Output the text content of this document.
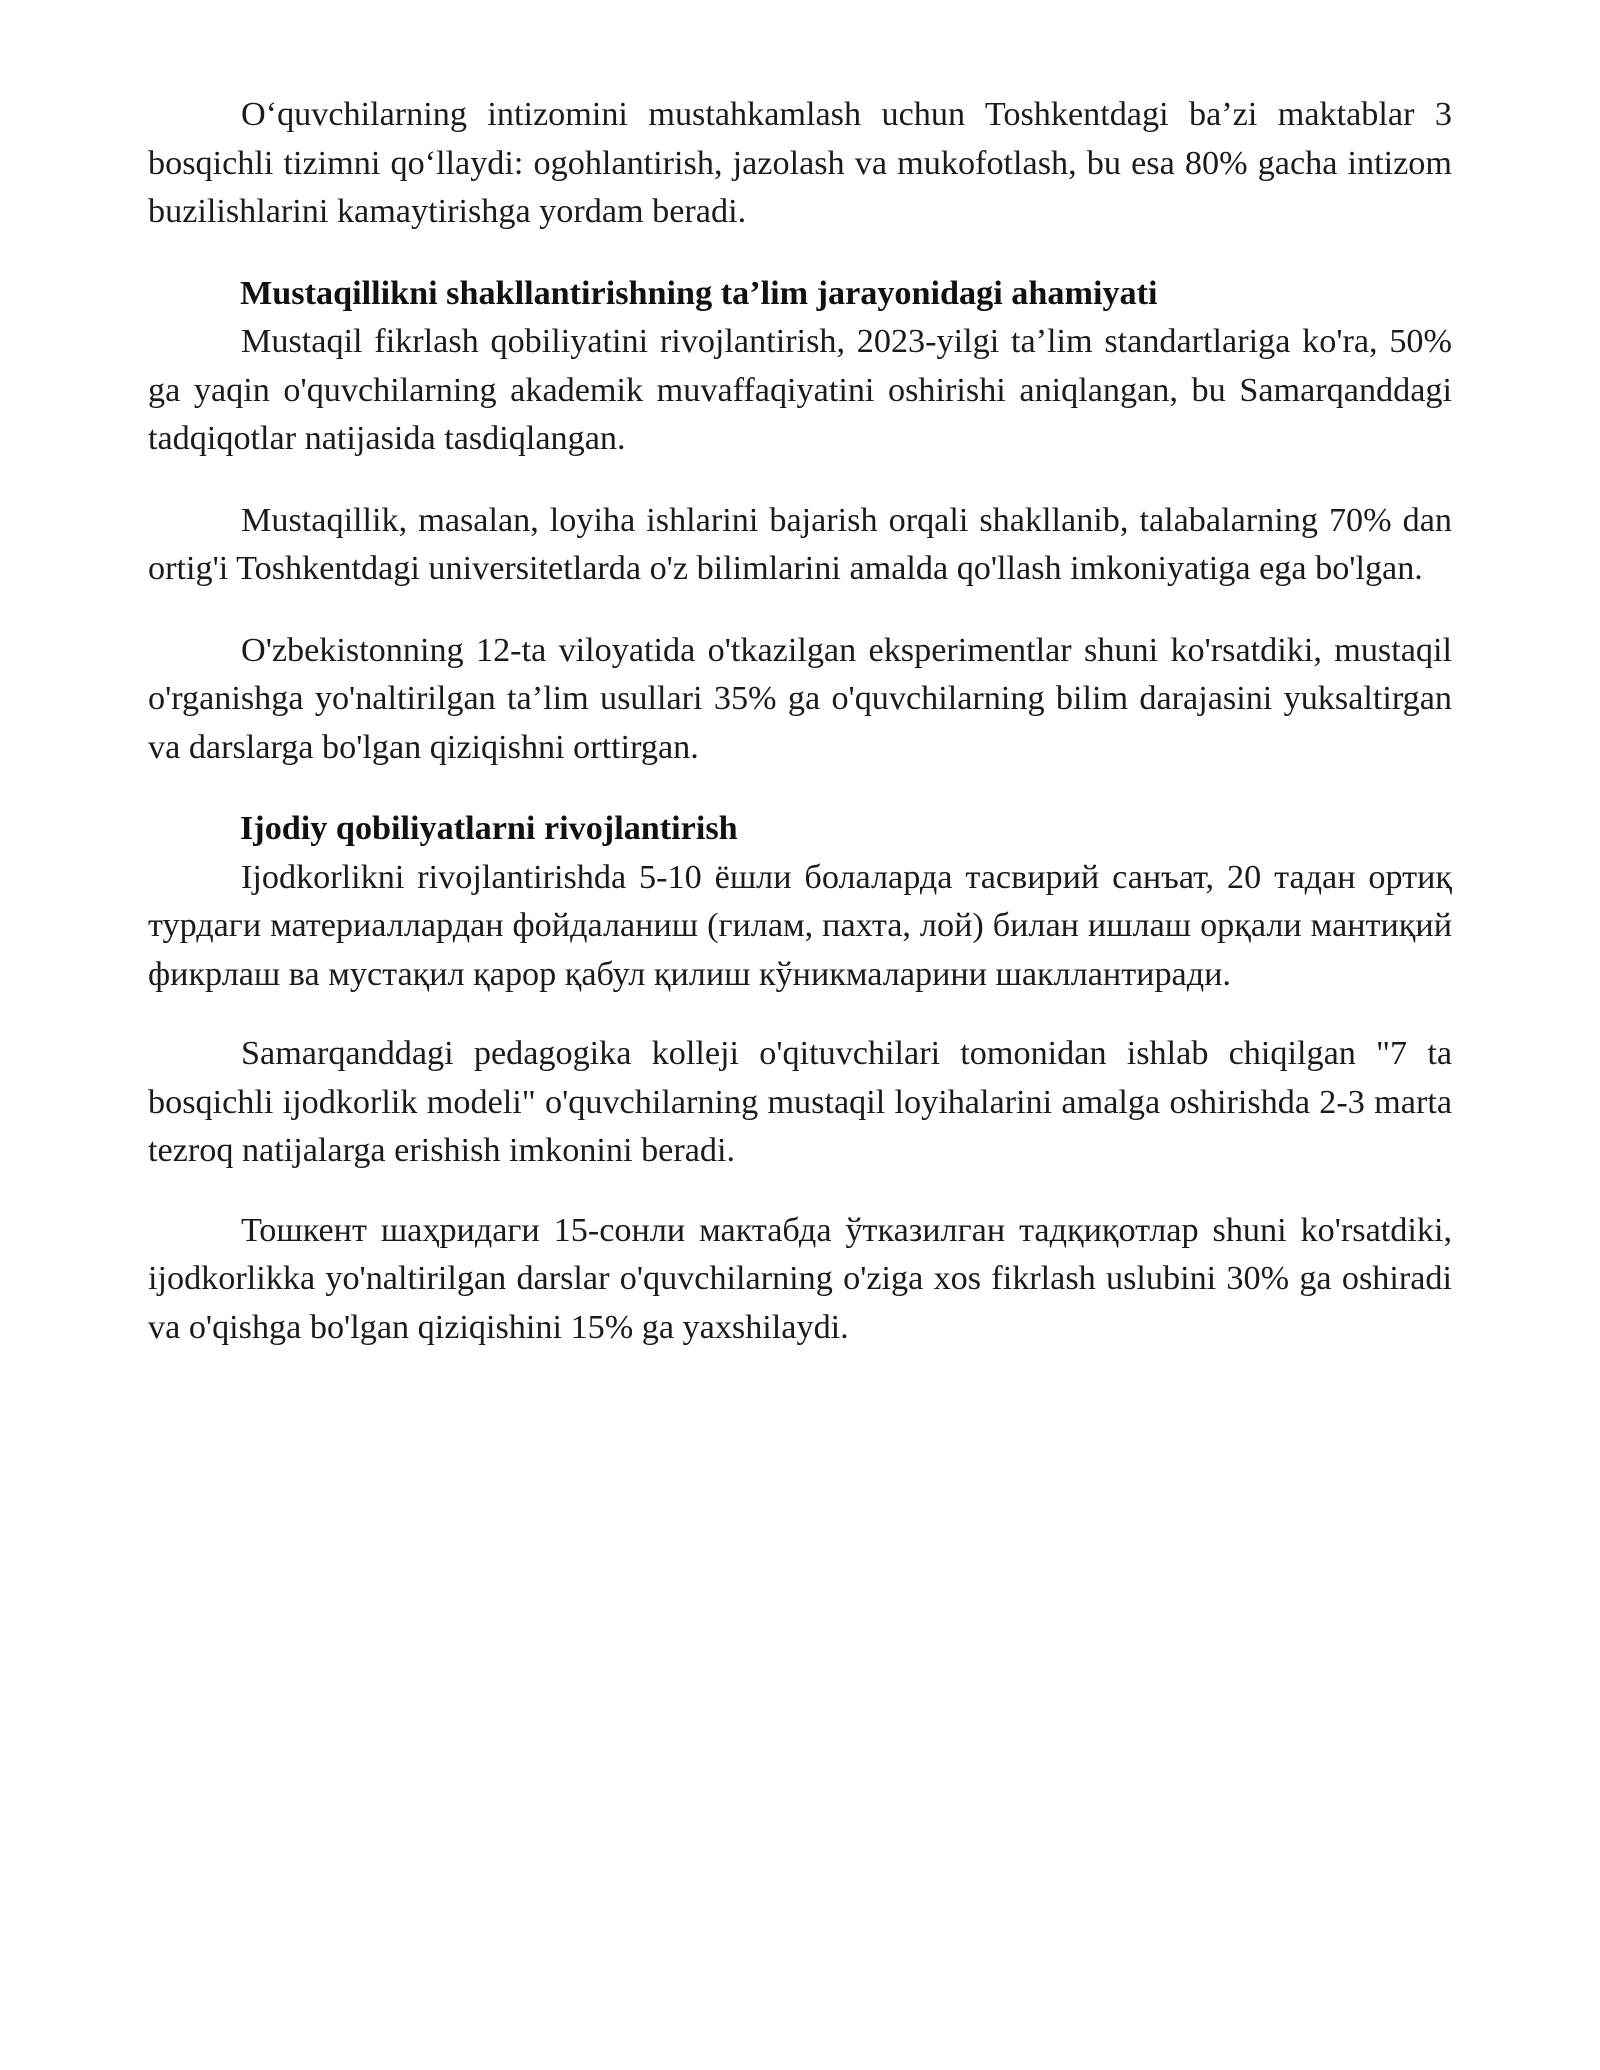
O‘quvchilarning intizomini mustahkamlash uchun Toshkentdagi ba’zi maktablar 3 bosqichli tizimni qo‘llaydi: ogohlantirish, jazolash va mukofotlash, bu esa 80% gacha intizom buzilishlarini kamaytirishga yordam beradi.

Mustaqillikni shakllantirishning ta’lim jarayonidagi ahamiyati

Mustaqil fikrlash qobiliyatini rivojlantirish, 2023-yilgi ta’lim standartlariga ko'ra, 50% ga yaqin o'quvchilarning akademik muvaffaqiyatini oshirishi aniqlangan, bu Samarqanddagi tadqiqotlar natijasida tasdiqlangan.

Mustaqillik, masalan, loyiha ishlarini bajarish orqali shakllanib, talabalarning 70% dan ortig'i Toshkentdagi universitetlarda o'z bilimlarini amalda qo'llash imkoniyatiga ega bo'lgan.

O'zbekistonning 12-ta viloyatida o'tkazilgan eksperimentlar shuni ko'rsatdiki, mustaqil o'rganishga yo'naltirilgan ta’lim usullari 35% ga o'quvchilarning bilim darajasini yuksaltirgan va darslarga bo'lgan qiziqishni orttirgan.

Ijodiy qobiliyatlarni rivojlantirish

Ijodkorlikni rivojlantirishda 5-10 ёшли болаларда тасвирий санъат, 20 тадан ортиқ турдаги материаллардан фойдаланиш (гилам, пахта, лой) билан ишлаш орқали мантиқий фикрлаш ва мустақил қарор қабул қилиш кўникмаларини шакллантиради.

Samarqanddagi pedagogika kolleji o'qituvchilari tomonidan ishlab chiqilgan "7 ta bosqichli ijodkorlik modeli" o'quvchilarning mustaqil loyihalarini amalga oshirishda 2-3 marta tezroq natijalarga erishish imkonini beradi.

Тошкент шаҳридаги 15-сонли мактабда ўтказилган тадқиқотлар shuni ko'rsatdiki, ijodkorlikka yo'naltirilgan darslar o'quvchilarning o'ziga xos fikrlash uslubini 30% ga oshiradi va o'qishga bo'lgan qiziqishini 15% ga yaxshilaydi.
